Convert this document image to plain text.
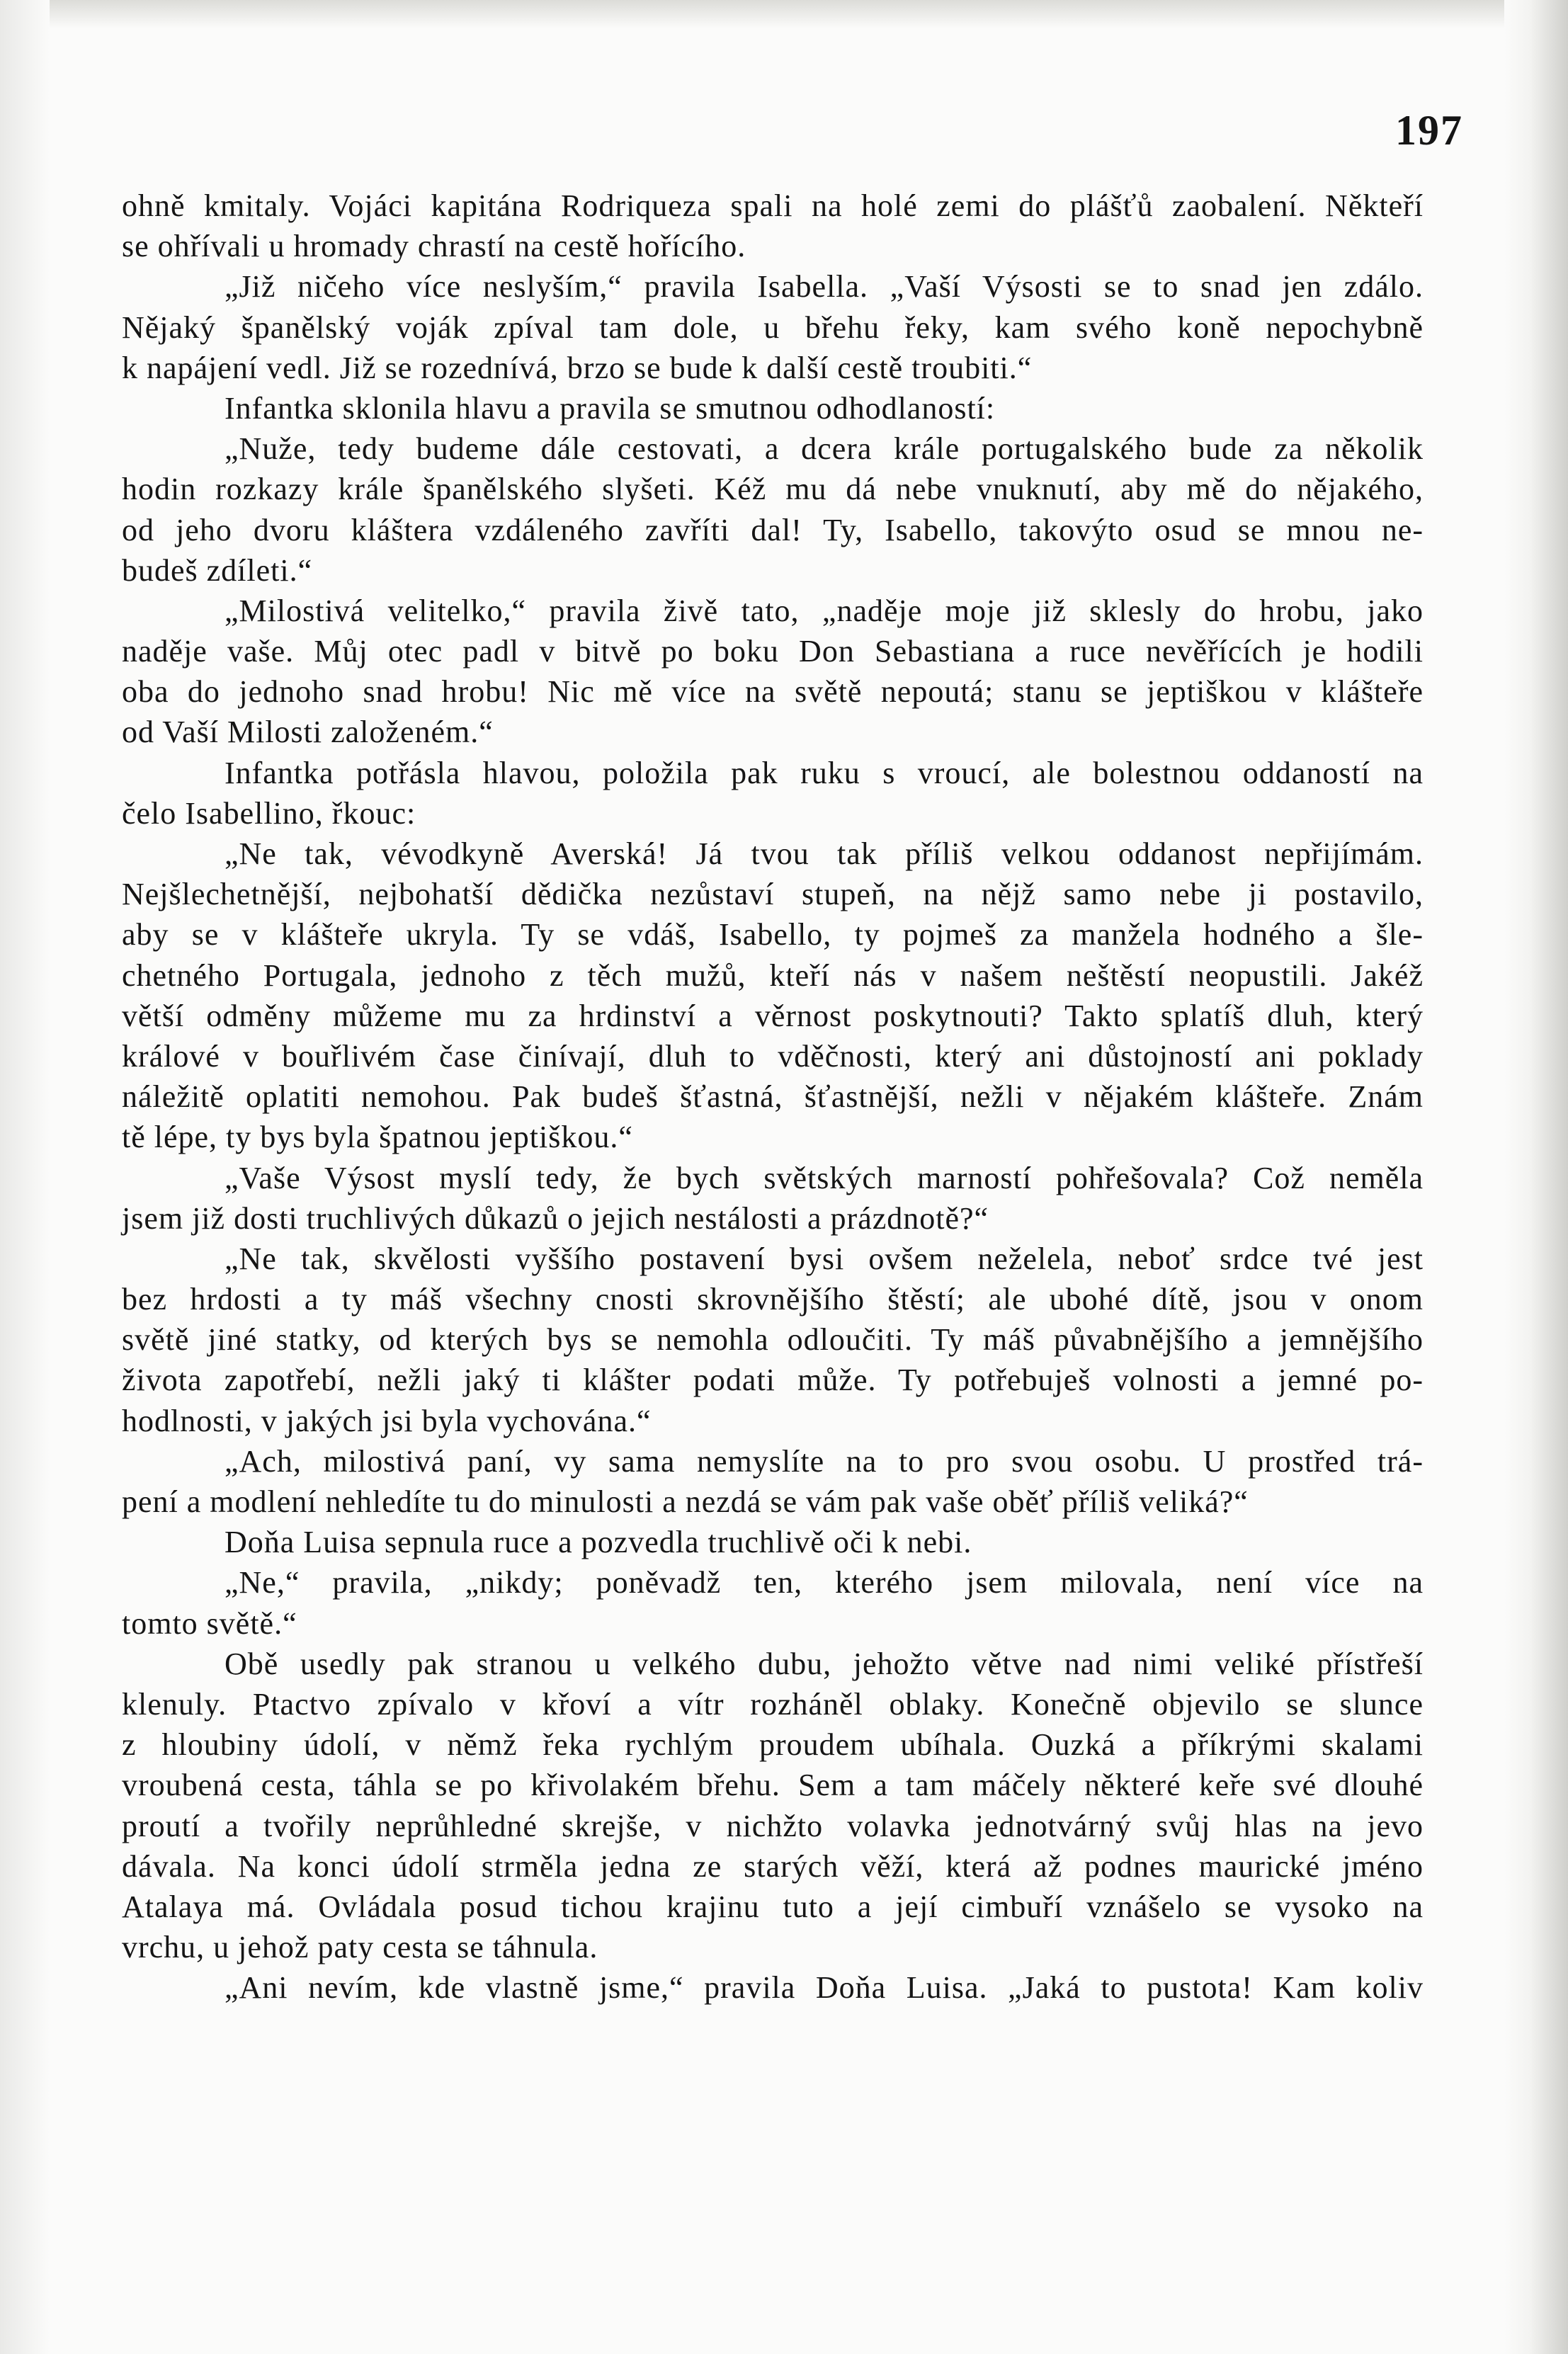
197
ohně kmitaly. Vojáci kapitána Rodriqueza spali na holé zemi do plášťů zaobalení. Někteří
se ohřívali u hromady chrastí na cestě hořícího.
„Již ničeho více neslyším,“ pravila Isabella. „Vaší Výsosti se to snad jen zdálo.
Nějaký španělský voják zpíval tam dole, u břehu řeky, kam svého koně nepochybně
k napájení vedl. Již se rozednívá, brzo se bude k další cestě troubiti.“
Infantka sklonila hlavu a pravila se smutnou odhodlaností:
„Nuže, tedy budeme dále cestovati, a dcera krále portugalského bude za několik
hodin rozkazy krále španělského slyšeti. Kéž mu dá nebe vnuknutí, aby mě do nějakého,
od jeho dvoru kláštera vzdáleného zavříti dal! Ty, Isabello, takovýto osud se mnou ne-
budeš zdíleti.“
„Milostivá velitelko,“ pravila živě tato, „naděje moje již sklesly do hrobu, jako
naděje vaše. Můj otec padl v bitvě po boku Don Sebastiana a ruce nevěřících je hodili
oba do jednoho snad hrobu! Nic mě více na světě nepoutá; stanu se jeptiškou v klášteře
od Vaší Milosti založeném.“
Infantka potřásla hlavou, položila pak ruku s vroucí, ale bolestnou oddaností na
čelo Isabellino, řkouc:
„Ne tak, vévodkyně Averská! Já tvou tak příliš velkou oddanost nepřijímám.
Nejšlechetnější, nejbohatší dědička nezůstaví stupeň, na nějž samo nebe ji postavilo,
aby se v klášteře ukryla. Ty se vdáš, Isabello, ty pojmeš za manžela hodného a šle-
chetného Portugala, jednoho z těch mužů, kteří nás v našem neštěstí neopustili. Jakéž
větší odměny můžeme mu za hrdinství a věrnost poskytnouti? Takto splatíš dluh, který
králové v bouřlivém čase činívají, dluh to vděčnosti, který ani důstojností ani poklady
náležitě oplatiti nemohou. Pak budeš šťastná, šťastnější, nežli v nějakém klášteře. Znám
tě lépe, ty bys byla špatnou jeptiškou.“
„Vaše Výsost myslí tedy, že bych světských marností pohřešovala? Což neměla
jsem již dosti truchlivých důkazů o jejich nestálosti a prázdnotě?“
„Ne tak, skvělosti vyššího postavení bysi ovšem neželela, neboť srdce tvé jest
bez hrdosti a ty máš všechny cnosti skrovnějšího štěstí; ale ubohé dítě, jsou v onom
světě jiné statky, od kterých bys se nemohla odloučiti. Ty máš půvabnějšího a jemnějšího
života zapotřebí, nežli jaký ti klášter podati může. Ty potřebuješ volnosti a jemné po-
hodlnosti, v jakých jsi byla vychována.“
„Ach, milostivá paní, vy sama nemyslíte na to pro svou osobu. U prostřed trá-
pení a modlení nehledíte tu do minulosti a nezdá se vám pak vaše oběť příliš veliká?“
Doňa Luisa sepnula ruce a pozvedla truchlivě oči k nebi.
„Ne,“ pravila, „nikdy; poněvadž ten, kterého jsem milovala, není více na
tomto světě.“
Obě usedly pak stranou u velkého dubu, jehožto větve nad nimi veliké přístřeší
klenuly. Ptactvo zpívalo v křoví a vítr rozháněl oblaky. Konečně objevilo se slunce
z hloubiny údolí, v němž řeka rychlým proudem ubíhala. Ouzká a příkrými skalami
vroubená cesta, táhla se po křivolakém břehu. Sem a tam máčely některé keře své dlouhé
proutí a tvořily neprůhledné skrejše, v nichžto volavka jednotvárný svůj hlas na jevo
dávala. Na konci údolí strměla jedna ze starých věží, která až podnes maurické jméno
Atalaya má. Ovládala posud tichou krajinu tuto a její cimbuří vznášelo se vysoko na
vrchu, u jehož paty cesta se táhnula.
„Ani nevím, kde vlastně jsme,“ pravila Doňa Luisa. „Jaká to pustota! Kam koliv
